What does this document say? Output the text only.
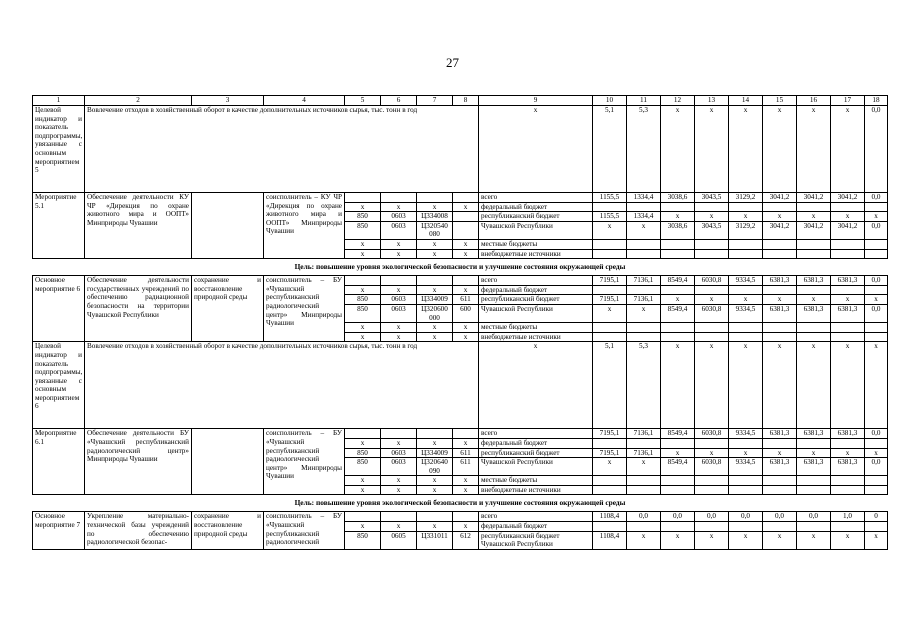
27
1	2	3	4	5	6	7	8	9	10	11	12	13	14	15	16	17	18
Целевой индикатор и показатель подпрограммы, увязанные с основным мероприятием 5	Вовлечение отходов в хозяйственный оборот в качестве дополнительных источников сырья, тыс. тонн в год							х	5,1	5,3	х	х	х	х	х	х	0,0
Мероприятие 5.1	Обеспечение деятельности КУ ЧР «Дирекция по охране животного мира и ООПТ» Минприроды Чувашии		соисполнитель – КУ ЧР «Дирекция по охране животного мира и ООПТ» Минприроды Чувашии					всего	1155,5	1334,4	3038,6	3043,5	3129,2	3041,2	3041,2	3041,2	0,0
				х	х	х	х	федеральный бюджет									
				850	0603	Ц334008		республиканский бюджет	1155,5	1334,4	х	х	х	х	х	х	х
				850	0603	Ц320540 080		Чувашской Республики	х	х	3038,6	3043,5	3129,2	3041,2	3041,2	3041,2	0,0
				х	х	х	х	местные бюджеты									
				х	х	х	х	внебюджетные источники									
Цель: повышение уровня экологической безопасности и улучшение состояния окружающей среды																	
Основное мероприятие 6	Обеспечение деятельности государственных учреждений по обеспечению радиационной безопасности на территории Чувашской Республики	сохранение и восстановление природной среды	соисполнитель – БУ «Чувашский республиканский радиологический центр» Минприроды Чувашии					всего	7195,1	7136,1	8549,4	6030,8	9334,5	6381,3	6381,3	6381,3	0,0
				х	х	х	х	федеральный бюджет									
				850	0603	Ц334009	611	республиканский бюджет	7195,1	7136,1	х	х	х	х	х	х	х
				850	0603	Ц320600 000	600	Чувашской Республики	х	х	8549,4	6030,8	9334,5	6381,3	6381,3	6381,3	0,0
				х	х	х	х	местные бюджеты									
				х	х	х	х	внебюджетные источники									
Целевой индикатор и показатель подпрограммы, увязанные с основным мероприятием 6	Вовлечение отходов в хозяйственный оборот в качестве дополнительных источников сырья, тыс. тонн в год							х	5,1	5,3	х	х	х	х	х	х	х
Мероприятие 6.1	Обеспечение деятельности БУ «Чувашский республиканский радиологический центр» Минприроды Чувашии		соисполнитель – БУ «Чувашский республиканский радиологический центр» Минприроды Чувашии					всего	7195,1	7136,1	8549,4	6030,8	9334,5	6381,3	6381,3	6381,3	0,0
				х	х	х	х	федеральный бюджет									
				850	0603	Ц334009	611	республиканский бюджет	7195,1	7136,1	х	х	х	х	х	х	х
				850	0603	Ц320640 090	611	Чувашской Республики	х	х	8549,4	6030,8	9334,5	6381,3	6381,3	6381,3	0,0
				х	х	х	х	местные бюджеты									
				х	х	х	х	внебюджетные источники									
Цель: повышение уровня экологической безопасности и улучшение состояния окружающей среды																	
Основное мероприятие 7	Укрепление материально-технической базы учреждений по обеспечению радиологической безопас-	сохранение и восстановление природной среды	соисполнитель – БУ «Чувашский республиканский радиологический					всего	1108,4	0,0	0,0	0,0	0,0	0,0	0,0	1,0	0
				х	х	х	х	федеральный бюджет									
				850	0605	Ц331011	612	республиканский бюджет Чувашской Республики	1108,4	х	х	х	х	х	х	х	х
